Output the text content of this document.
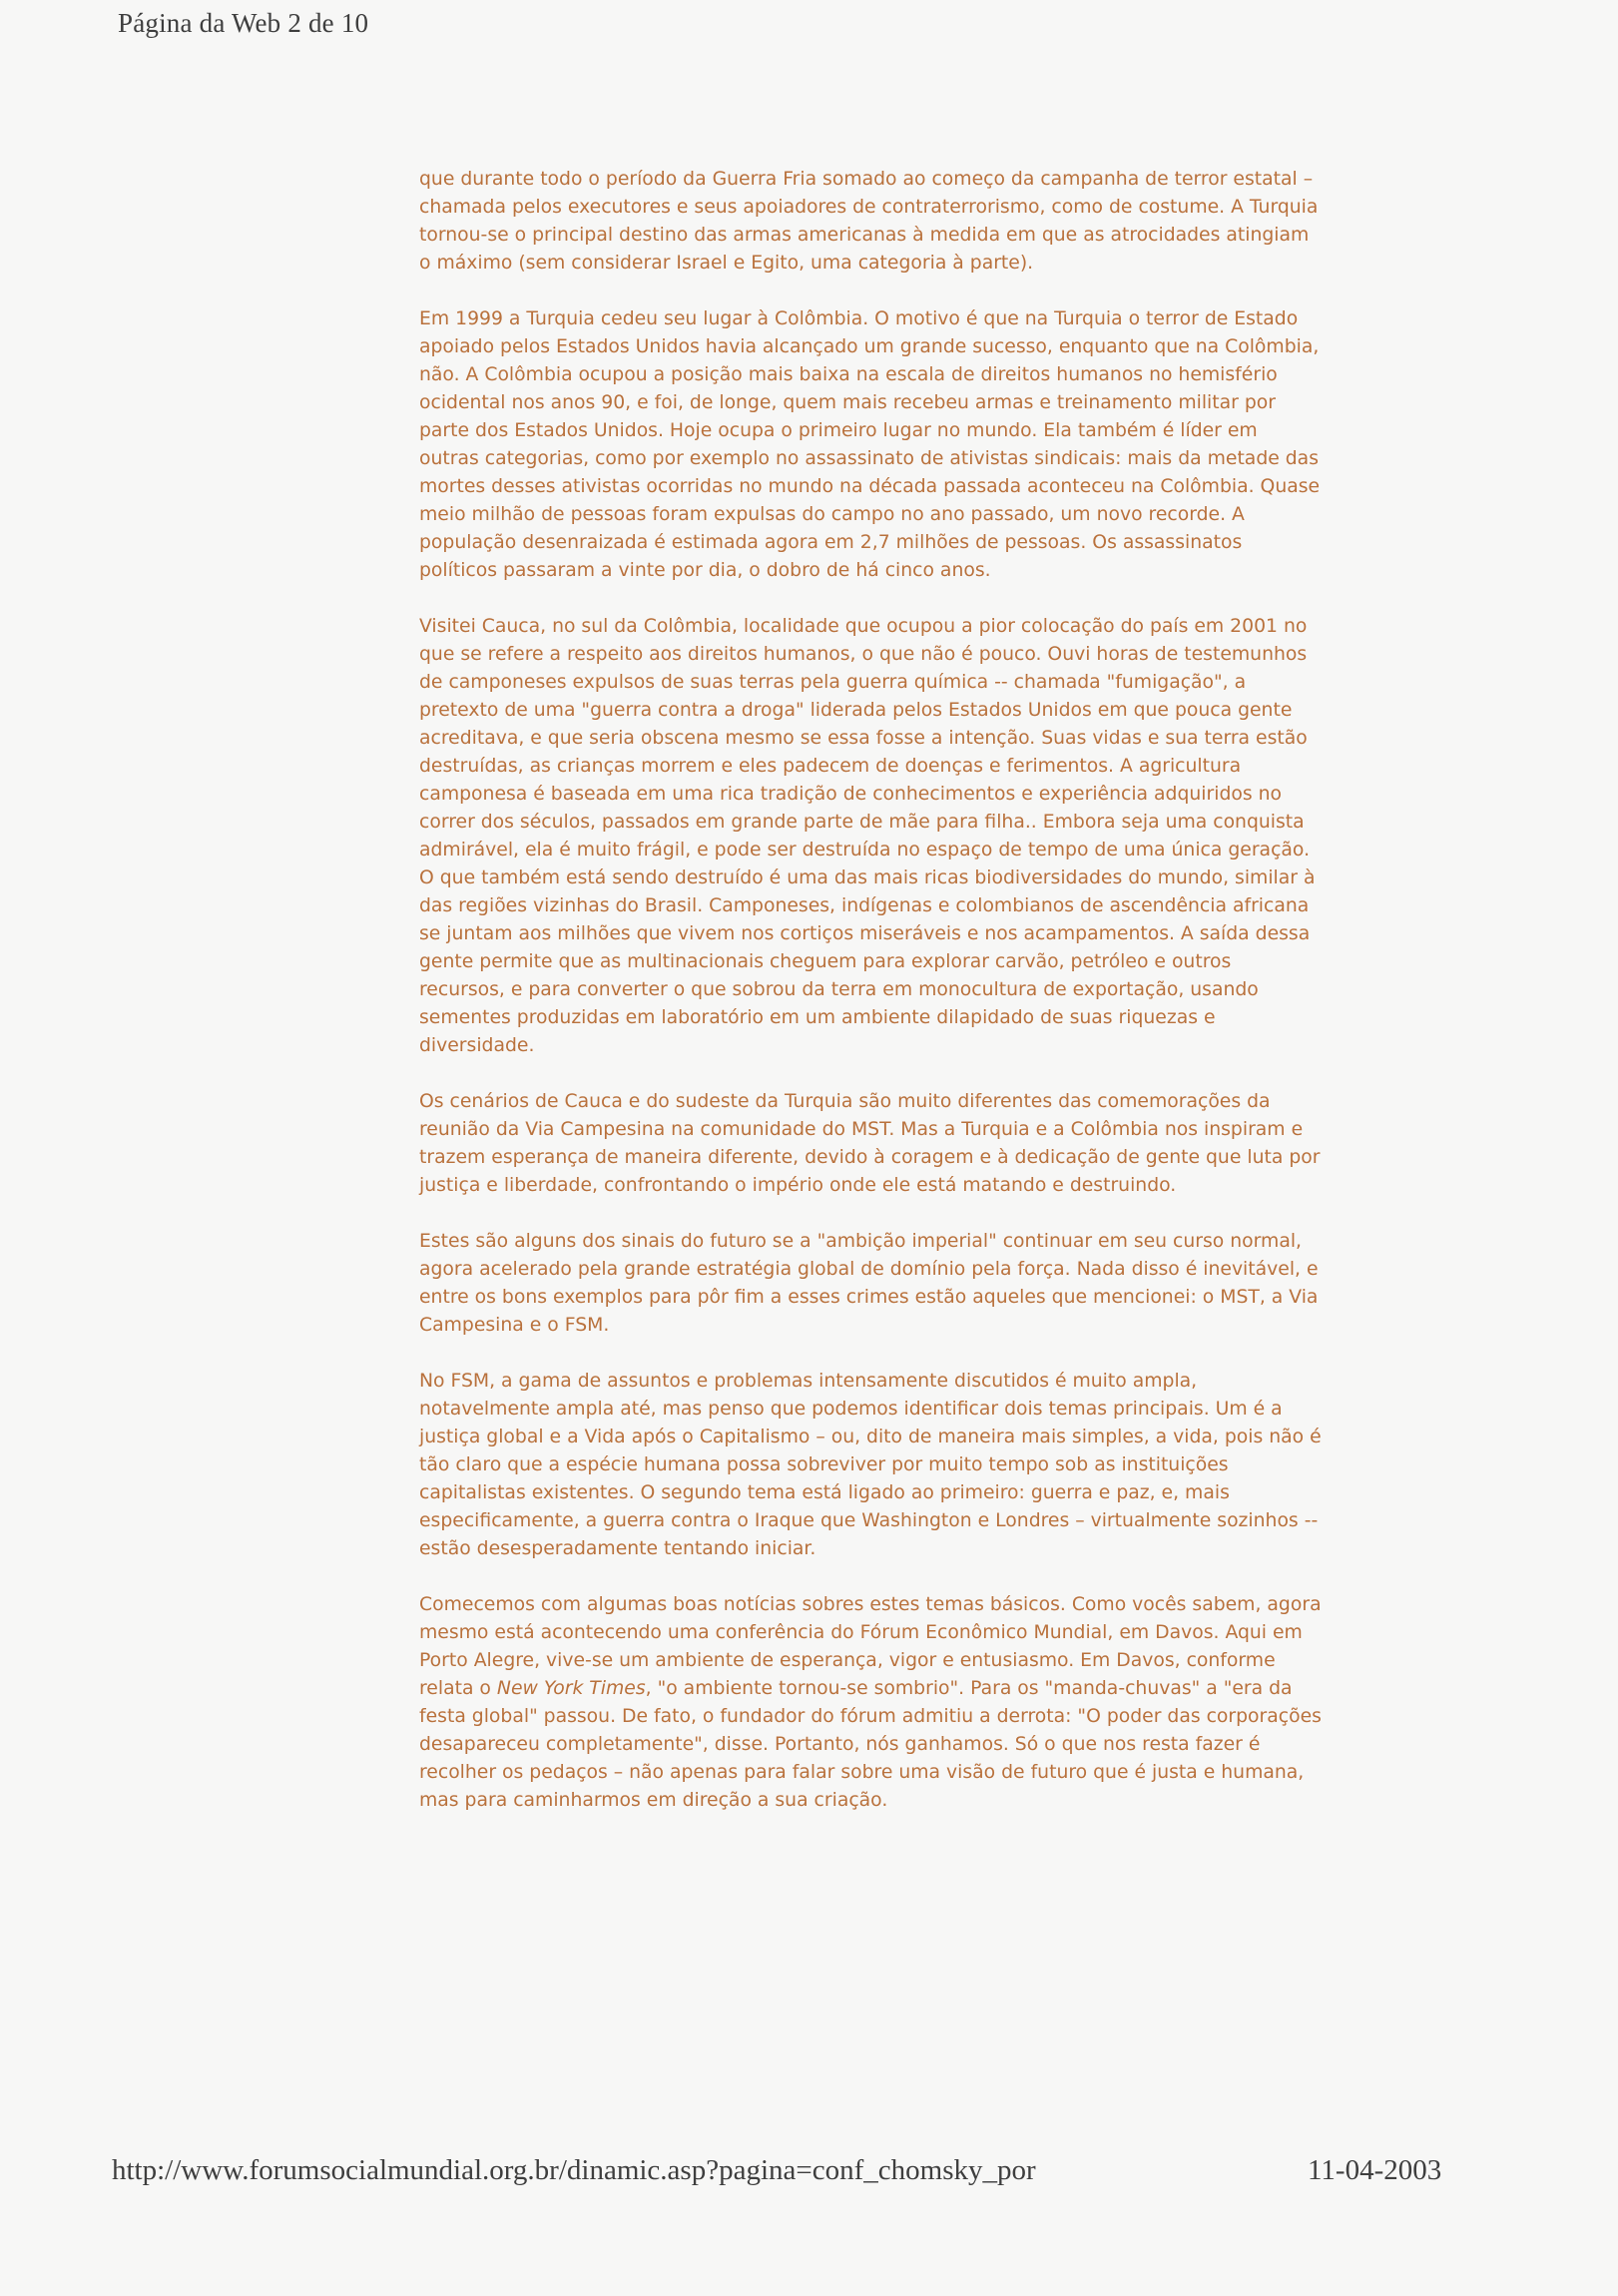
Página da Web 2 de 10

que durante todo o período da Guerra Fria somado ao começo da campanha de terror estatal – chamada pelos executores e seus apoiadores de contraterrorismo, como de costume. A Turquia tornou-se o principal destino das armas americanas à medida em que as atrocidades atingiam o máximo (sem considerar Israel e Egito, uma categoria à parte).

Em 1999 a Turquia cedeu seu lugar à Colômbia. O motivo é que na Turquia o terror de Estado apoiado pelos Estados Unidos havia alcançado um grande sucesso, enquanto que na Colômbia, não. A Colômbia ocupou a posição mais baixa na escala de direitos humanos no hemisfério ocidental nos anos 90, e foi, de longe, quem mais recebeu armas e treinamento militar por parte dos Estados Unidos. Hoje ocupa o primeiro lugar no mundo. Ela também é líder em outras categorias, como por exemplo no assassinato de ativistas sindicais: mais da metade das mortes desses ativistas ocorridas no mundo na década passada aconteceu na Colômbia. Quase meio milhão de pessoas foram expulsas do campo no ano passado, um novo recorde. A população desenraizada é estimada agora em 2,7 milhões de pessoas. Os assassinatos políticos passaram a vinte por dia, o dobro de há cinco anos.

Visitei Cauca, no sul da Colômbia, localidade que ocupou a pior colocação do país em 2001 no que se refere a respeito aos direitos humanos, o que não é pouco. Ouvi horas de testemunhos de camponeses expulsos de suas terras pela guerra química -- chamada "fumigação", a pretexto de uma "guerra contra a droga" liderada pelos Estados Unidos em que pouca gente acreditava, e que seria obscena mesmo se essa fosse a intenção. Suas vidas e sua terra estão destruídas, as crianças morrem e eles padecem de doenças e ferimentos. A agricultura camponesa é baseada em uma rica tradição de conhecimentos e experiência adquiridos no correr dos séculos, passados em grande parte de mãe para filha.. Embora seja uma conquista admirável, ela é muito frágil, e pode ser destruída no espaço de tempo de uma única geração. O que também está sendo destruído é uma das mais ricas biodiversidades do mundo, similar à das regiões vizinhas do Brasil. Camponeses, indígenas e colombianos de ascendência africana se juntam aos milhões que vivem nos cortiços miseráveis e nos acampamentos. A saída dessa gente permite que as multinacionais cheguem para explorar carvão, petróleo e outros recursos, e para converter o que sobrou da terra em monocultura de exportação, usando sementes produzidas em laboratório em um ambiente dilapidado de suas riquezas e diversidade.

Os cenários de Cauca e do sudeste da Turquia são muito diferentes das comemorações da reunião da Via Campesina na comunidade do MST. Mas a Turquia e a Colômbia nos inspiram e trazem esperança de maneira diferente, devido à coragem e à dedicação de gente que luta por justiça e liberdade, confrontando o império onde ele está matando e destruindo.

Estes são alguns dos sinais do futuro se a "ambição imperial" continuar em seu curso normal, agora acelerado pela grande estratégia global de domínio pela força. Nada disso é inevitável, e entre os bons exemplos para pôr fim a esses crimes estão aqueles que mencionei: o MST, a Via Campesina e o FSM.

No FSM, a gama de assuntos e problemas intensamente discutidos é muito ampla, notavelmente ampla até, mas penso que podemos identificar dois temas principais. Um é a justiça global e a Vida após o Capitalismo – ou, dito de maneira mais simples, a vida, pois não é tão claro que a espécie humana possa sobreviver por muito tempo sob as instituições capitalistas existentes. O segundo tema está ligado ao primeiro: guerra e paz, e, mais especificamente, a guerra contra o Iraque que Washington e Londres – virtualmente sozinhos -- estão desesperadamente tentando iniciar.

Comecemos com algumas boas notícias sobres estes temas básicos. Como vocês sabem, agora mesmo está acontecendo uma conferência do Fórum Econômico Mundial, em Davos. Aqui em Porto Alegre, vive-se um ambiente de esperança, vigor e entusiasmo. Em Davos, conforme relata o New York Times, "o ambiente tornou-se sombrio". Para os "manda-chuvas" a "era da festa global" passou. De fato, o fundador do fórum admitiu a derrota: "O poder das corporações desapareceu completamente", disse. Portanto, nós ganhamos. Só o que nos resta fazer é recolher os pedaços – não apenas para falar sobre uma visão de futuro que é justa e humana, mas para caminharmos em direção a sua criação.

http://www.forumsocialmundial.org.br/dinamic.asp?pagina=conf_chomsky_por	11-04-2003
